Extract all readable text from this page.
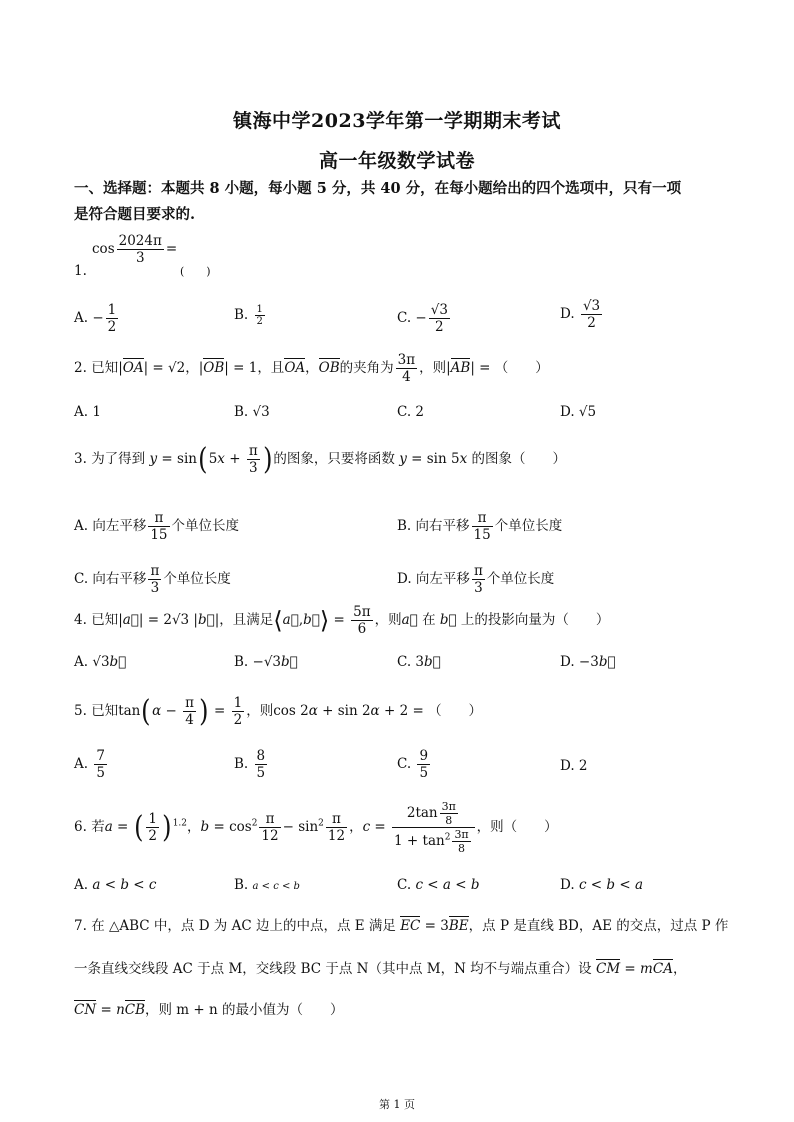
镇海中学2023学年第一学期期末考试
高一年级数学试卷
一、选择题：本题共 8 小题，每小题 5 分，共 40 分，在每小题给出的四个选项中，只有一项
是符合题目要求的.
$\cos \frac{2024\pi}{3}$ =
1.	(　　)
A. − $\frac{1}{2}$	B. $\frac{1}{2}$	C. − $\frac{√3}{2}$	D. $\frac{√3}{2}$
2. 已知|OA| = √2，|OB| = 1，且OA，OB的夹角为 $\frac{3\pi}{4}$ ，则|AB| = （　　）
A. 1	B. √3	C. 2	D. √5
3. 为了得到 $y = \sin(5x + \frac{\pi}{3}$ )的图象，只要将函数 y = sin 5x 的图象（　　）
A. 向左平移 $\frac{\pi}{15}$ 个单位长度	B. 向右平移 $\frac{\pi}{15}$ 个单位长度
C. 向右平移 $\frac{\pi}{3}$ 个单位长度	D. 向左平移 $\frac{\pi}{3}$ 个单位长度
4. 已知|a⃗| = 2√3 |b⃗|，且满足⟨a⃗,b⃗⟩ = $\frac{5\pi}{6}$ ，则a⃗ 在 b⃗ 上的投影向量为（　　）
A. √3b⃗	B. −√3b⃗	C. 3b⃗	D. −3b⃗
5. 已知$\tan(\alpha - \frac{\pi}{4}$ ) = $\frac{1}{2}$ ，则cos 2α + sin 2α + 2 = （　　）
A. $\frac{7}{5}$	B. $\frac{8}{5}$	C. $\frac{9}{5}$	D. 2
6. 若a = ( $\frac{1}{2} )^{1.2}$，$b = \cos^2 \frac{\pi}{12} - \sin^2 \frac{\pi}{12}$ ，$c = \frac{2\tan \frac{3\pi}{8}}{1 + \tan^2 \frac{3\pi}{8}}$ ，则（　　）
A. a < b < c	B. a < c < b	C. c < a < b	D. c < b < a
7. 在 △ABC 中，点 D 为 AC 边上的中点，点 E 满足 EC = 3BE，点 P 是直线 BD，AE 的交点，过点 P 作
一条直线交线段 AC 于点 M，交线段 BC 于点 N（其中点 M，N 均不与端点重合）设 CM = mCA，
CN = nCB，则 m + n 的最小值为（　　）
第 1 页
